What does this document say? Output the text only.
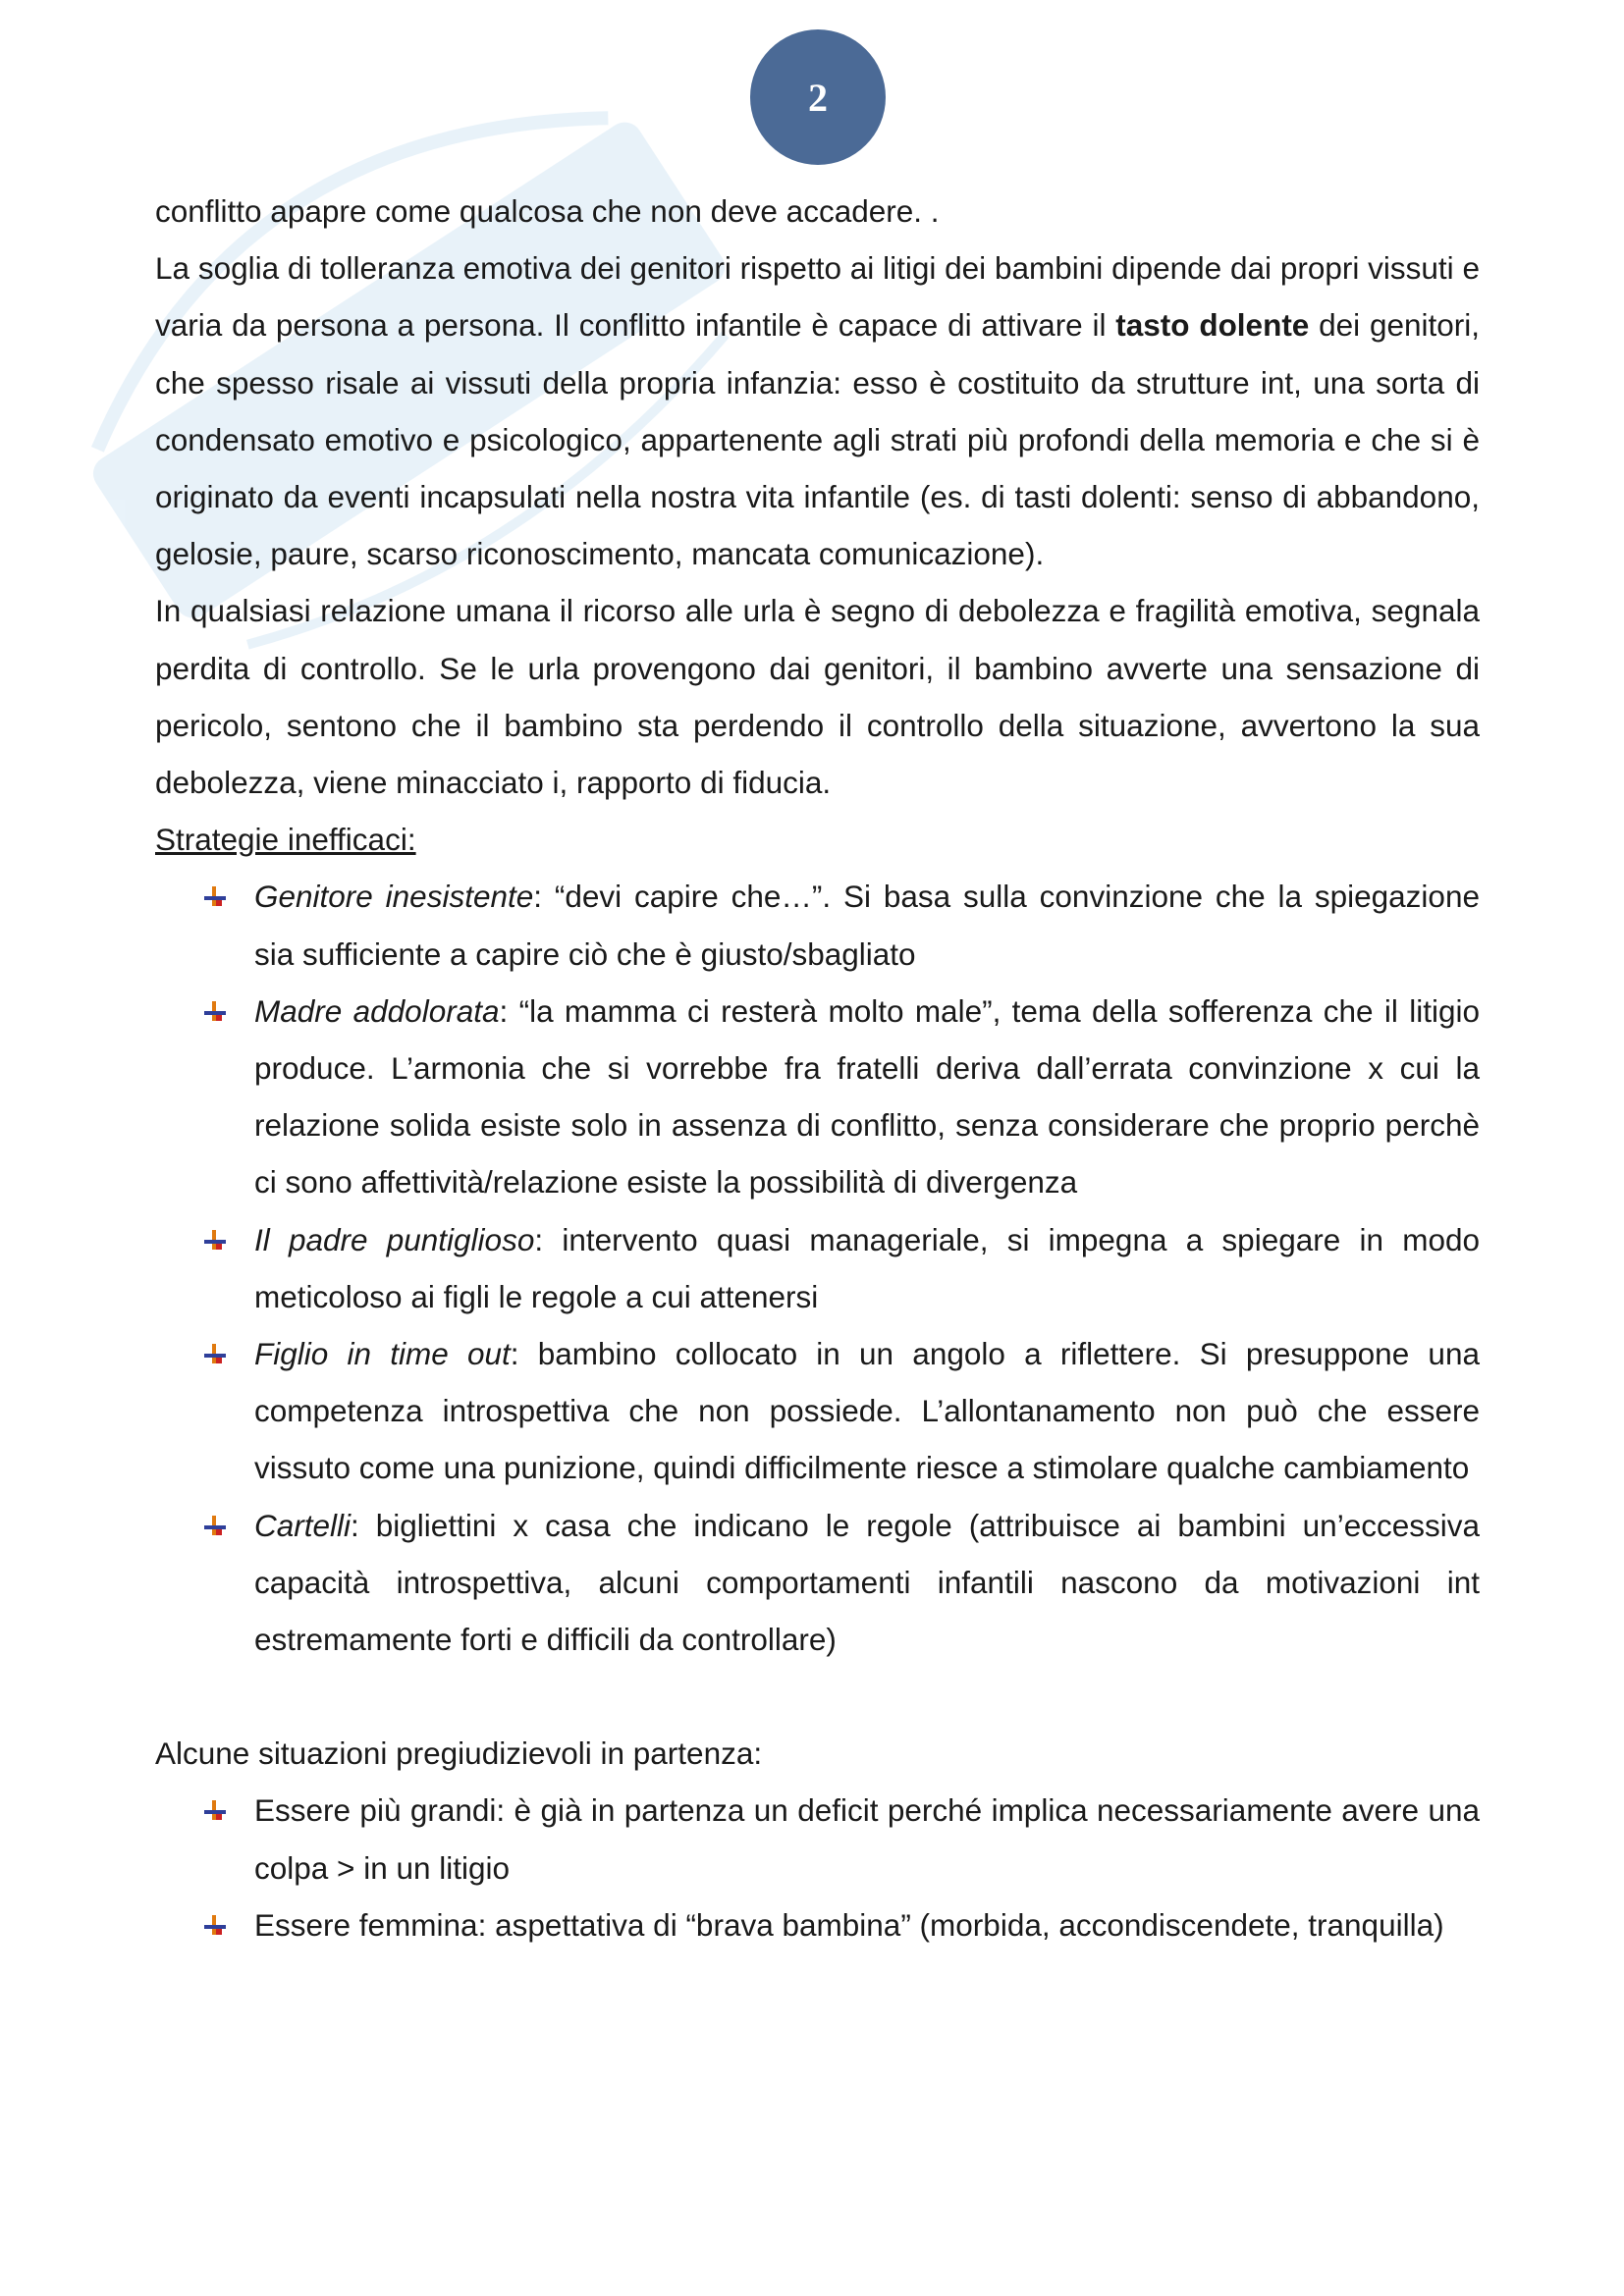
2

conflitto apapre come qualcosa che non deve accadere. .

La soglia di tolleranza emotiva dei genitori rispetto ai litigi dei bambini dipende dai propri vissuti e varia da persona a persona. Il conflitto infantile è capace di attivare il tasto dolente dei genitori, che spesso risale ai vissuti della propria infanzia: esso è costituito da strutture int, una sorta di condensato emotivo e psicologico, appartenente agli strati più profondi della memoria e che si è originato da eventi incapsulati nella nostra vita infantile (es. di tasti dolenti: senso di abbandono, gelosie, paure, scarso riconoscimento, mancata comunicazione).

In qualsiasi relazione umana il ricorso alle urla è segno di debolezza e fragilità emotiva, segnala perdita di controllo. Se le urla provengono dai genitori, il bambino avverte una sensazione di pericolo, sentono che il bambino sta perdendo il controllo della situazione, avvertono la sua debolezza, viene minacciato i, rapporto di fiducia.

Strategie inefficaci:

Genitore inesistente: “devi capire che…”. Si basa sulla convinzione che la spiegazione sia sufficiente a capire ciò che è giusto/sbagliato
Madre addolorata: “la mamma ci resterà molto male”, tema della sofferenza che il litigio produce. L’armonia che si vorrebbe fra fratelli deriva dall’errata convinzione x cui la relazione solida esiste solo in assenza di conflitto, senza considerare che proprio perchè ci sono affettività/relazione esiste la possibilità di divergenza
Il padre puntiglioso: intervento quasi manageriale, si impegna a spiegare in modo meticoloso ai figli le regole a cui attenersi
Figlio in time out: bambino collocato in un angolo a riflettere. Si presuppone una competenza introspettiva che non possiede. L’allontanamento non può che essere vissuto come una punizione, quindi difficilmente riesce a stimolare qualche cambiamento
Cartelli: bigliettini x casa che indicano le regole (attribuisce ai bambini un’eccessiva capacità introspettiva, alcuni comportamenti infantili nascono da motivazioni int estremamente forti e difficili da controllare)

Alcune situazioni pregiudizievoli in partenza:

Essere più grandi: è già in partenza un deficit perché implica necessariamente avere una colpa > in un litigio
Essere femmina: aspettativa di “brava bambina” (morbida, accondiscendete, tranquilla)
